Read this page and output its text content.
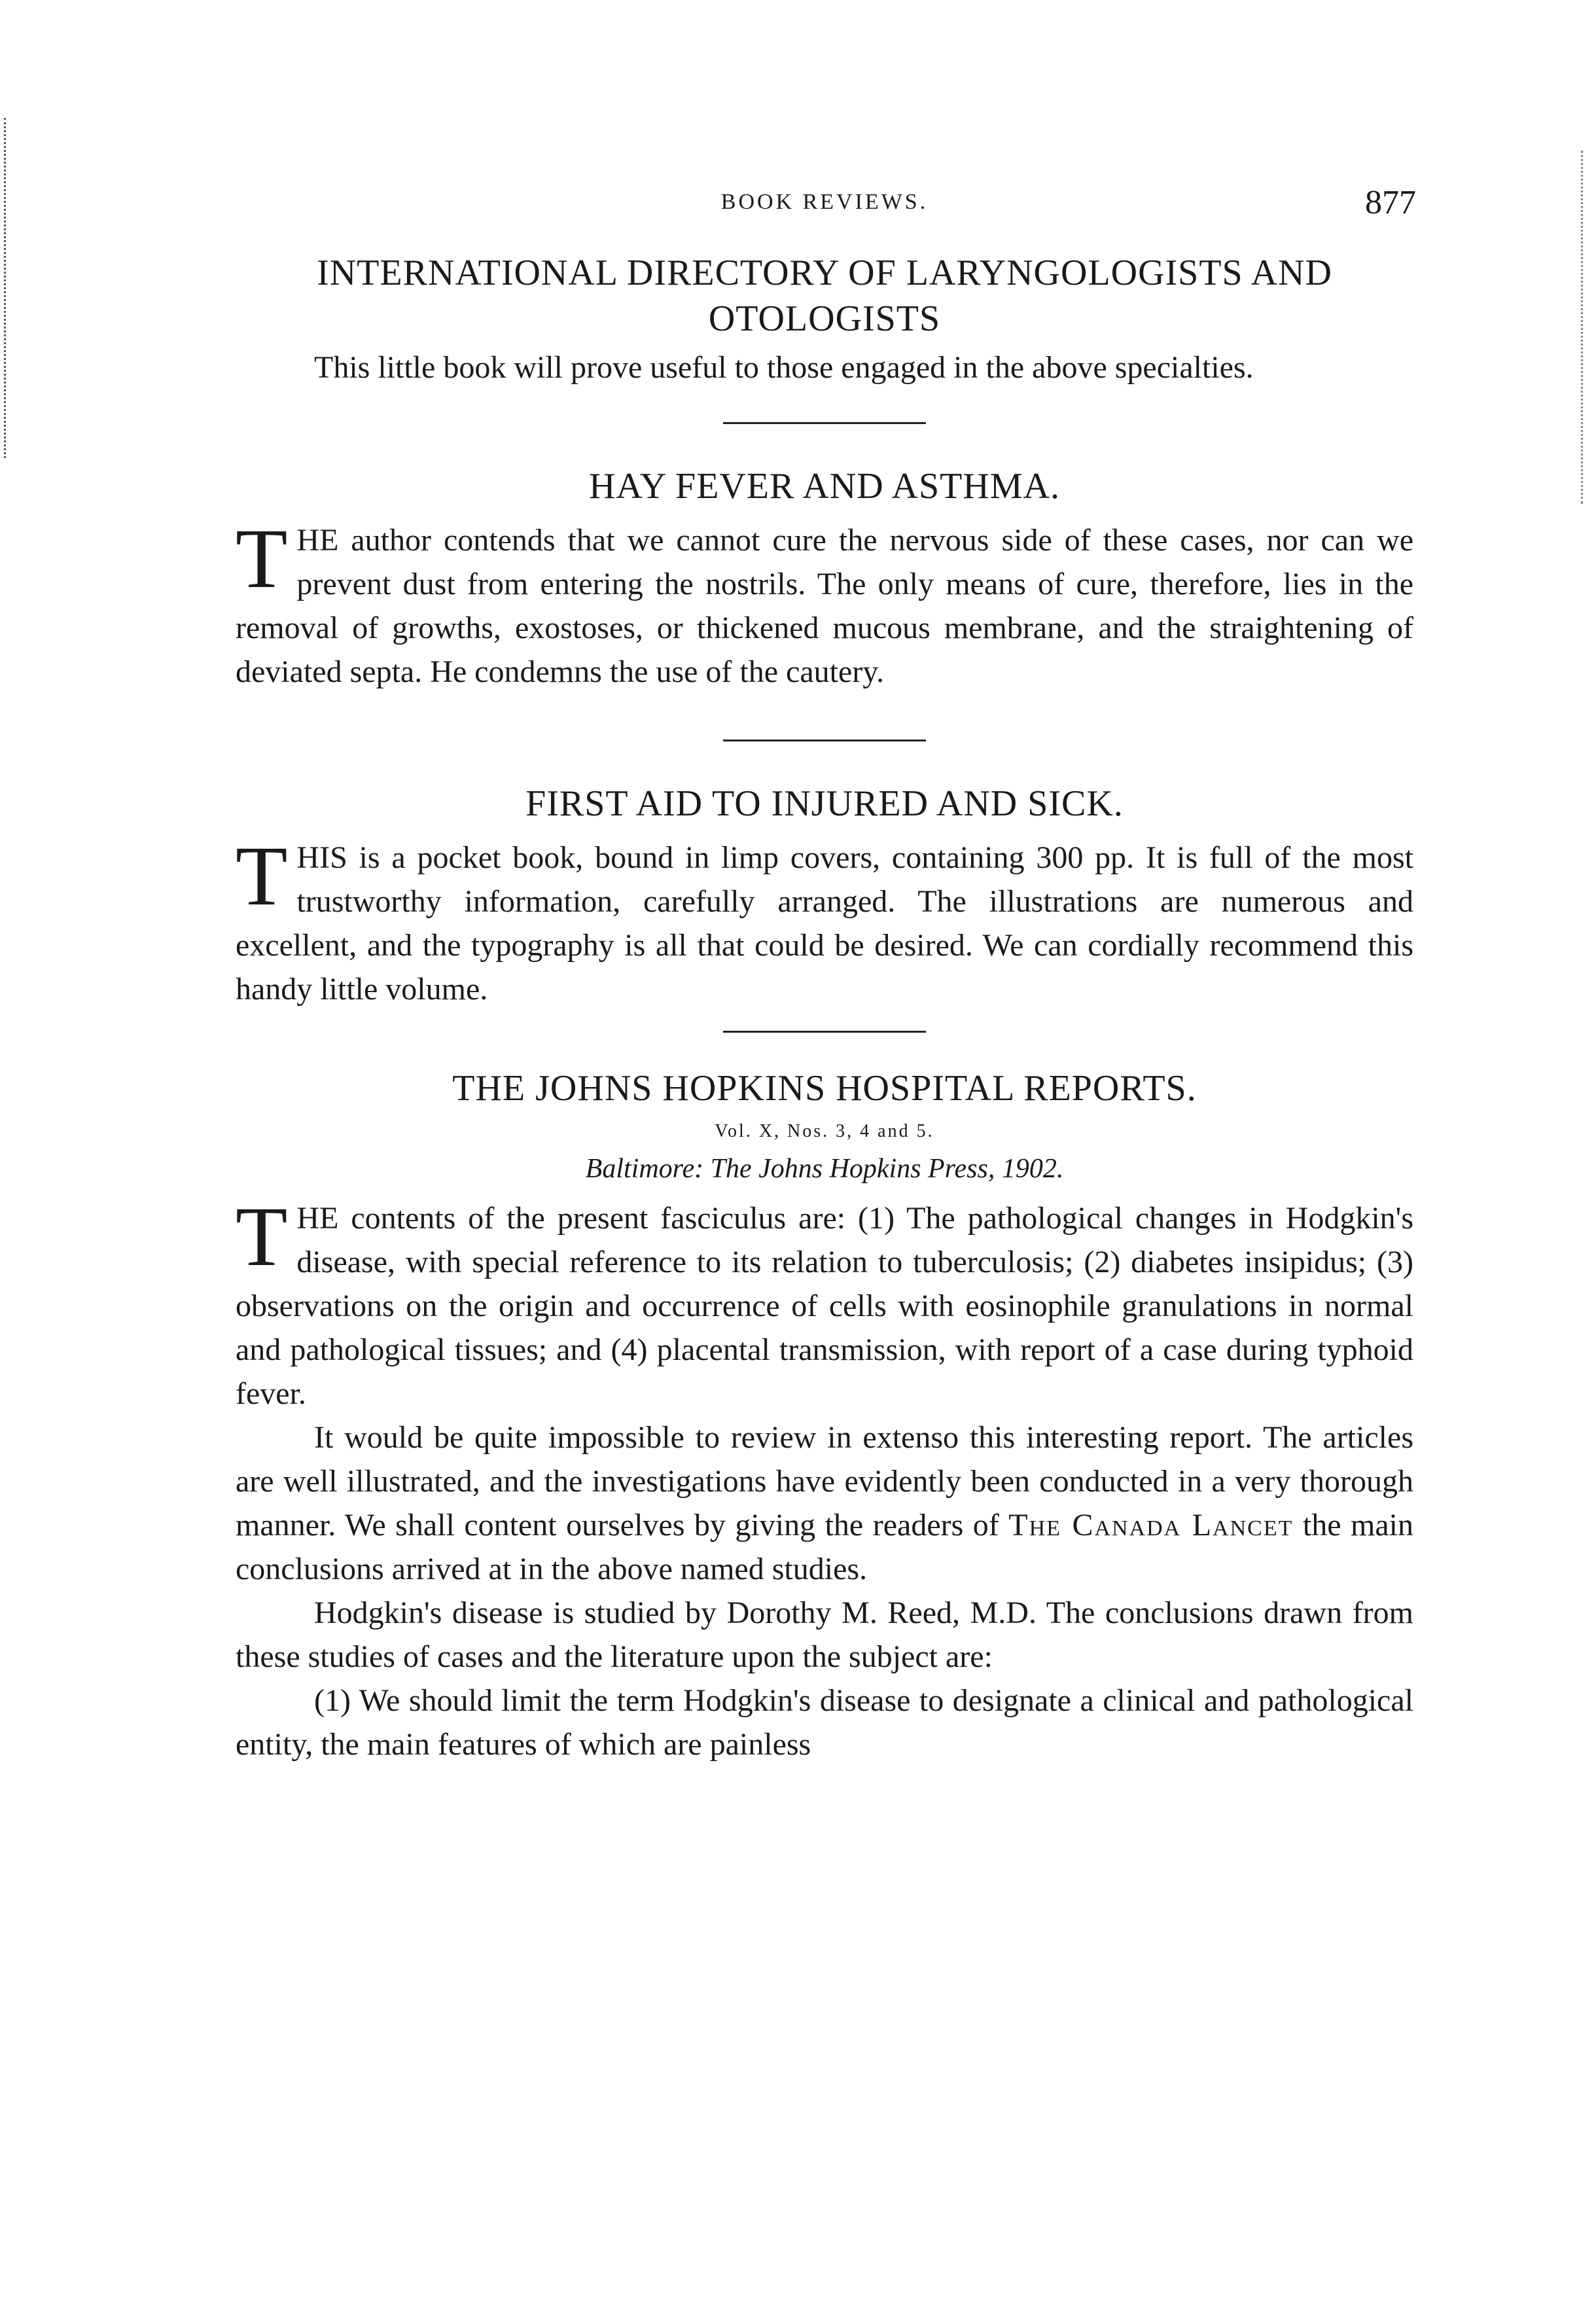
BOOK REVIEWS.	877
INTERNATIONAL DIRECTORY OF LARYNGOLOGISTS AND
OTOLOGISTS

This little book will prove useful to those engaged in the above specialties.

HAY FEVER AND ASTHMA.

THE author contends that we cannot cure the nervous side of these cases, nor can we prevent dust from entering the nostrils. The only means of cure, therefore, lies in the removal of growths, exostoses, or thickened mucous membrane, and the straightening of deviated septa. He condemns the use of the cautery.

FIRST AID TO INJURED AND SICK.

THIS is a pocket book, bound in limp covers, containing 300 pp. It is full of the most trustworthy information, carefully arranged. The illustrations are numerous and excellent, and the typography is all that could be desired. We can cordially recommend this handy little volume.

THE JOHNS HOPKINS HOSPITAL REPORTS.
Vol. X, Nos. 3, 4 and 5.
Baltimore: The Johns Hopkins Press, 1902.

THE contents of the present fasciculus are: (1) The pathological changes in Hodgkin's disease, with special reference to its relation to tuberculosis; (2) diabetes insipidus; (3) observations on the origin and occurrence of cells with eosinophile granulations in normal and pathological tissues; and (4) placental transmission, with report of a case during typhoid fever.

It would be quite impossible to review in extenso this interesting report. The articles are well illustrated, and the investigations have evidently been conducted in a very thorough manner. We shall content ourselves by giving the readers of The Canada Lancet the main conclusions arrived at in the above named studies.

Hodgkin's disease is studied by Dorothy M. Reed, M.D. The conclusions drawn from these studies of cases and the literature upon the subject are:

(1) We should limit the term Hodgkin's disease to designate a clinical and pathological entity, the main features of which are painless
